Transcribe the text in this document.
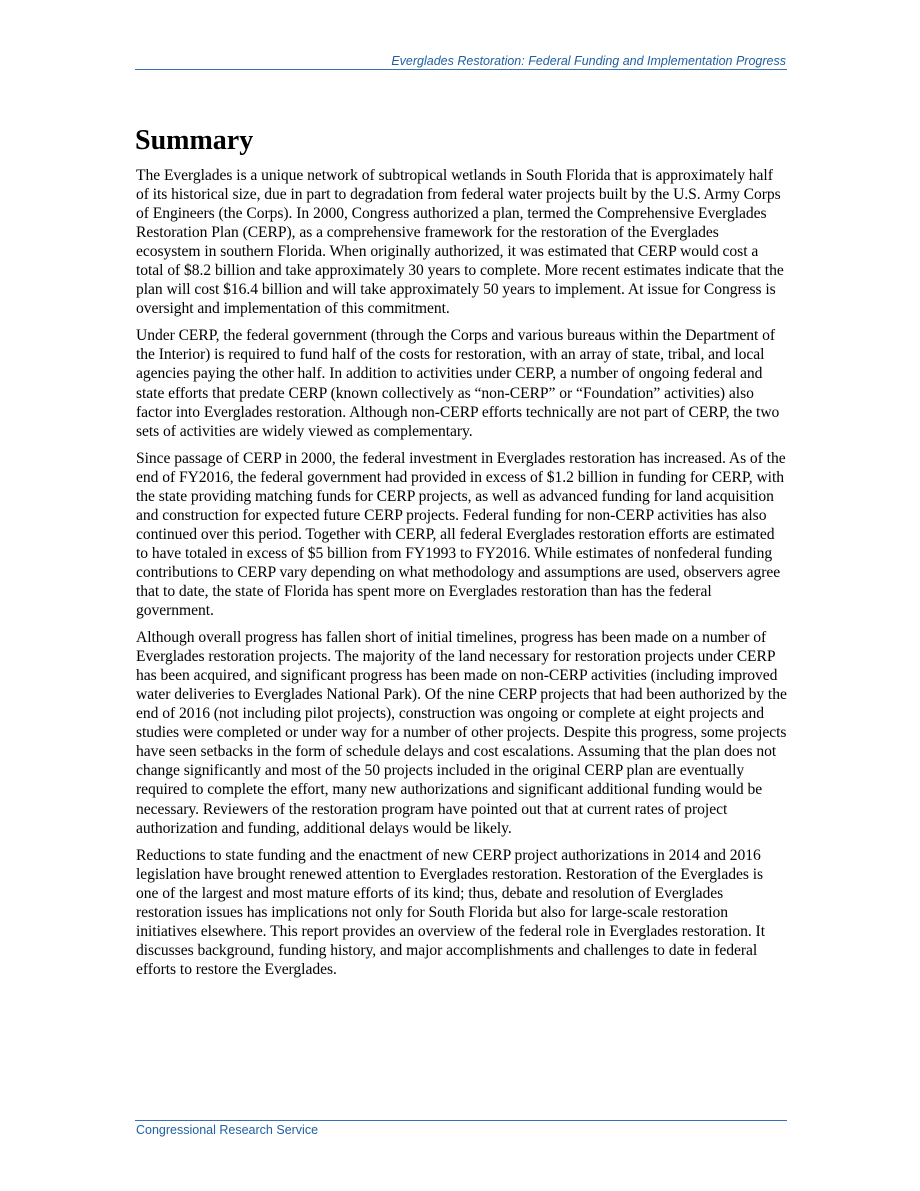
Everglades Restoration: Federal Funding and Implementation Progress
Summary

The Everglades is a unique network of subtropical wetlands in South Florida that is approximately half of its historical size, due in part to degradation from federal water projects built by the U.S. Army Corps of Engineers (the Corps). In 2000, Congress authorized a plan, termed the Comprehensive Everglades Restoration Plan (CERP), as a comprehensive framework for the restoration of the Everglades ecosystem in southern Florida. When originally authorized, it was estimated that CERP would cost a total of $8.2 billion and take approximately 30 years to complete. More recent estimates indicate that the plan will cost $16.4 billion and will take approximately 50 years to implement. At issue for Congress is oversight and implementation of this commitment.

Under CERP, the federal government (through the Corps and various bureaus within the Department of the Interior) is required to fund half of the costs for restoration, with an array of state, tribal, and local agencies paying the other half. In addition to activities under CERP, a number of ongoing federal and state efforts that predate CERP (known collectively as “non-CERP” or “Foundation” activities) also factor into Everglades restoration. Although non-CERP efforts technically are not part of CERP, the two sets of activities are widely viewed as complementary.

Since passage of CERP in 2000, the federal investment in Everglades restoration has increased. As of the end of FY2016, the federal government had provided in excess of $1.2 billion in funding for CERP, with the state providing matching funds for CERP projects, as well as advanced funding for land acquisition and construction for expected future CERP projects. Federal funding for non-CERP activities has also continued over this period. Together with CERP, all federal Everglades restoration efforts are estimated to have totaled in excess of $5 billion from FY1993 to FY2016. While estimates of nonfederal funding contributions to CERP vary depending on what methodology and assumptions are used, observers agree that to date, the state of Florida has spent more on Everglades restoration than has the federal government.

Although overall progress has fallen short of initial timelines, progress has been made on a number of Everglades restoration projects. The majority of the land necessary for restoration projects under CERP has been acquired, and significant progress has been made on non-CERP activities (including improved water deliveries to Everglades National Park). Of the nine CERP projects that had been authorized by the end of 2016 (not including pilot projects), construction was ongoing or complete at eight projects and studies were completed or under way for a number of other projects. Despite this progress, some projects have seen setbacks in the form of schedule delays and cost escalations. Assuming that the plan does not change significantly and most of the 50 projects included in the original CERP plan are eventually required to complete the effort, many new authorizations and significant additional funding would be necessary. Reviewers of the restoration program have pointed out that at current rates of project authorization and funding, additional delays would be likely.

Reductions to state funding and the enactment of new CERP project authorizations in 2014 and 2016 legislation have brought renewed attention to Everglades restoration. Restoration of the Everglades is one of the largest and most mature efforts of its kind; thus, debate and resolution of Everglades restoration issues has implications not only for South Florida but also for large-scale restoration initiatives elsewhere. This report provides an overview of the federal role in Everglades restoration. It discusses background, funding history, and major accomplishments and challenges to date in federal efforts to restore the Everglades.

Congressional Research Service
